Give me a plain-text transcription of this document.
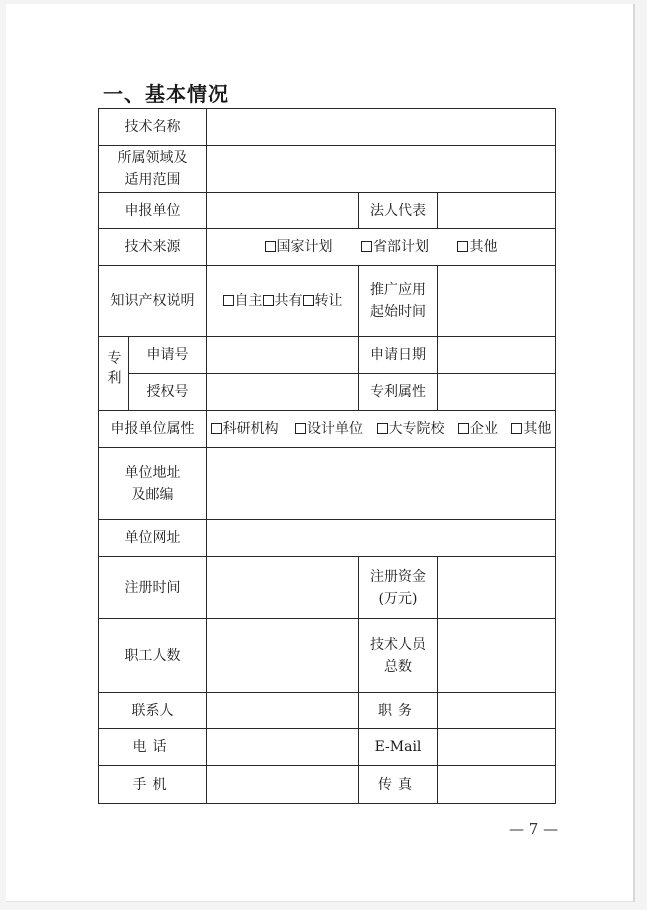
一、基本情况
技术名称				
所属领域及
适用范围				
申报单位			法人代表	
技术来源		国家计划 省部计划 其他		
知识产权说明		自主 共有 转让	推广应用
起始时间	
专利	申请号		申请日期	
	授权号		专利属性	
申报单位属性		科研机构 设计单位 大专院校 企业 其他		
单位地址
及邮编				
单位网址				
注册时间			注册资金
(万元)	
职工人数			技术人员
总数	
联系人			职务	
电话			E-Mail	
手机			传真	
— 7 —
